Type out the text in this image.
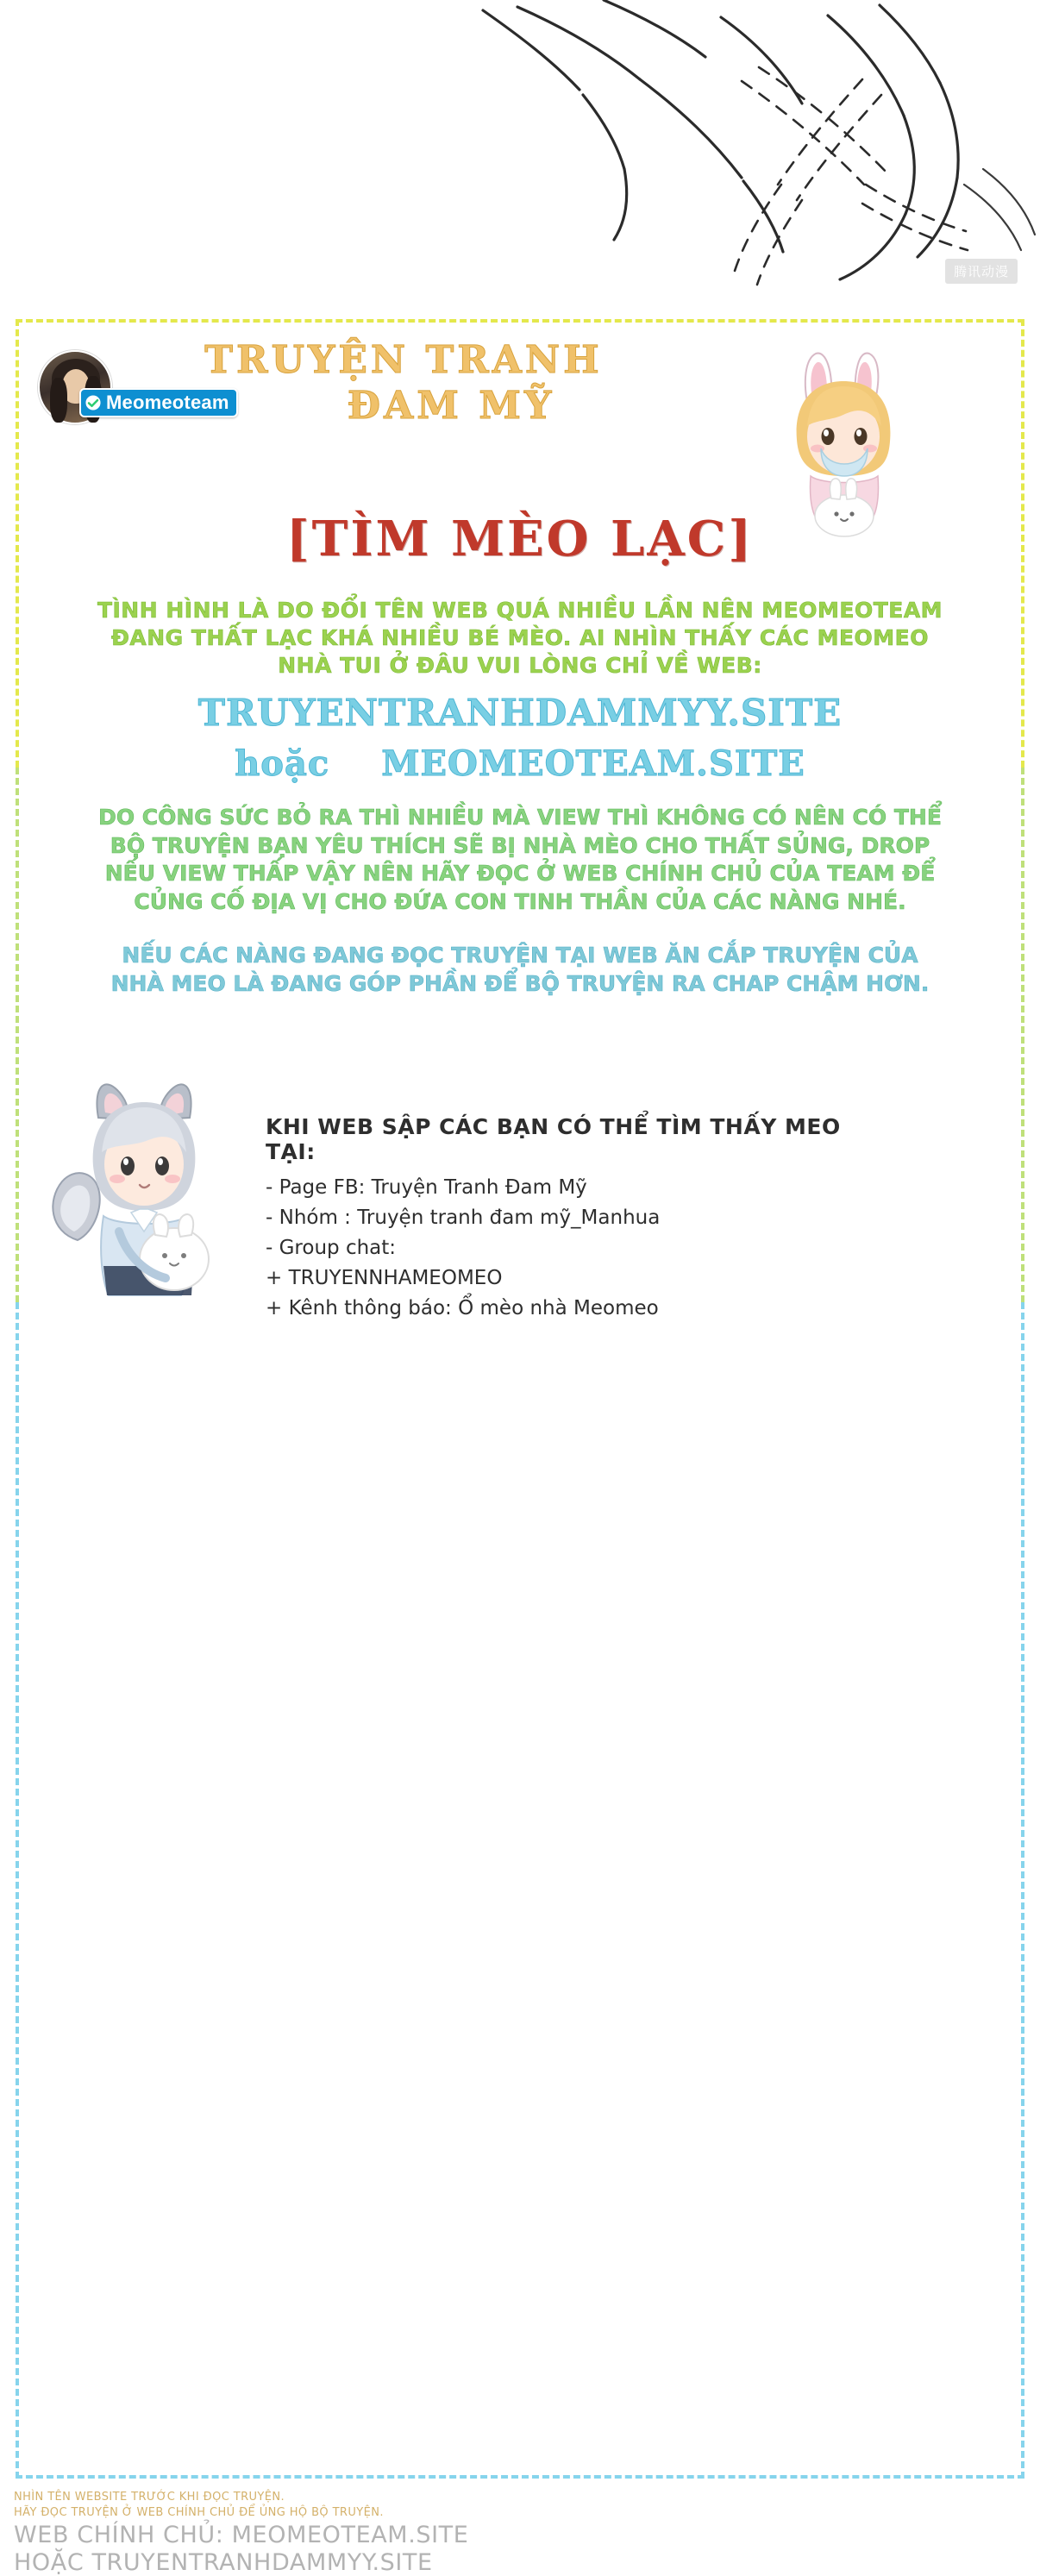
腾讯动漫
Meomeoteam
TRUYỆN TRANH
ĐAM MỸ
[TÌM MÈO LẠC]
TÌNH HÌNH LÀ DO ĐỔI TÊN WEB QUÁ NHIỀU LẦN NÊN MEOMEOTEAM ĐANG THẤT LẠC KHÁ NHIỀU BÉ MÈO. AI NHÌN THẤY CÁC MEOMEO NHÀ TUI Ở ĐÂU VUI LÒNG CHỈ VỀ WEB:
TRUYENTRANHDAMMYY.SITE
hoặc MEOMEOTEAM.SITE
DO CÔNG SỨC BỎ RA THÌ NHIỀU MÀ VIEW THÌ KHÔNG CÓ NÊN CÓ THỂ BỘ TRUYỆN BẠN YÊU THÍCH SẼ BỊ NHÀ MÈO CHO THẤT SỦNG, DROP NẾU VIEW THẤP VẬY NÊN HÃY ĐỌC Ở WEB CHÍNH CHỦ CỦA TEAM ĐỂ CỦNG CỐ ĐỊA VỊ CHO ĐỨA CON TINH THẦN CỦA CÁC NÀNG NHÉ.
NẾU CÁC NÀNG ĐANG ĐỌC TRUYỆN TẠI WEB ĂN CẮP TRUYỆN CỦA NHÀ MEO LÀ ĐANG GÓP PHẦN ĐỂ BỘ TRUYỆN RA CHAP CHẬM HƠN.
KHI WEB SẬP CÁC BẠN CÓ THỂ TÌM THẤY MEO TẠI:
- Page FB: Truyện Tranh Đam Mỹ
- Nhóm : Truyện tranh đam mỹ_Manhua
- Group chat:
+ TRUYENNHAMEOMEO
+ Kênh thông báo: Ổ mèo nhà Meomeo
NHÌN TÊN WEBSITE TRƯỚC KHI ĐỌC TRUYỆN.
HÃY ĐỌC TRUYỆN Ở WEB CHÍNH CHỦ ĐỂ ỦNG HỘ BỘ TRUYỆN.
WEB CHÍNH CHỦ: MEOMEOTEAM.SITE
HOẶC TRUYENTRANHDAMMYY.SITE
